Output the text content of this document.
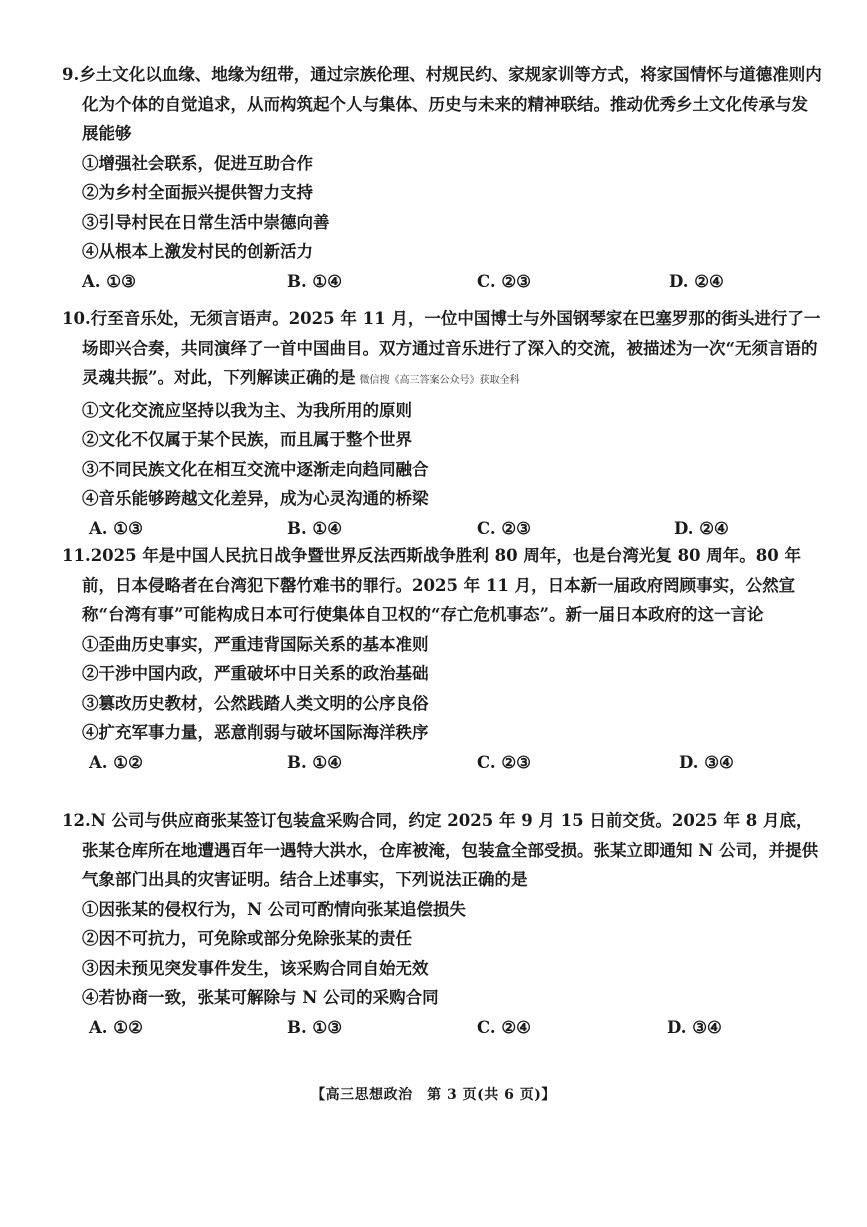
9.乡土文化以血缘、地缘为纽带，通过宗族伦理、村规民约、家规家训等方式，将家国情怀与道德准则内化为个体的自觉追求，从而构筑起个人与集体、历史与未来的精神联结。推动优秀乡土文化传承与发展能够
①增强社会联系，促进互助合作
②为乡村全面振兴提供智力支持
③引导村民在日常生活中崇德向善
④从根本上激发村民的创新活力
A. ①③	B. ①④	C. ②③	D. ②④
10.行至音乐处，无须言语声。2025 年 11 月，一位中国博士与外国钢琴家在巴塞罗那的街头进行了一场即兴合奏，共同演绎了一首中国曲目。双方通过音乐进行了深入的交流，被描述为一次“无须言语的灵魂共振”。对此，下列解读正确的是 微信搜《高三答案公众号》获取全科
①文化交流应坚持以我为主、为我所用的原则
②文化不仅属于某个民族，而且属于整个世界
③不同民族文化在相互交流中逐渐走向趋同融合
④音乐能够跨越文化差异，成为心灵沟通的桥梁
A. ①③	B. ①④	C. ②③	D. ②④
11.2025 年是中国人民抗日战争暨世界反法西斯战争胜利 80 周年，也是台湾光复 80 周年。80 年前，日本侵略者在台湾犯下罄竹难书的罪行。2025 年 11 月，日本新一届政府罔顾事实，公然宣称“台湾有事”可能构成日本可行使集体自卫权的“存亡危机事态”。新一届日本政府的这一言论
①歪曲历史事实，严重违背国际关系的基本准则
②干涉中国内政，严重破坏中日关系的政治基础
③篡改历史教材，公然践踏人类文明的公序良俗
④扩充军事力量，恶意削弱与破坏国际海洋秩序
A. ①②	B. ①④	C. ②③	D. ③④
12.N 公司与供应商张某签订包装盒采购合同，约定 2025 年 9 月 15 日前交货。2025 年 8 月底，张某仓库所在地遭遇百年一遇特大洪水，仓库被淹，包装盒全部受损。张某立即通知 N 公司，并提供气象部门出具的灾害证明。结合上述事实，下列说法正确的是
①因张某的侵权行为，N 公司可酌情向张某追偿损失
②因不可抗力，可免除或部分免除张某的责任
③因未预见突发事件发生，该采购合同自始无效
④若协商一致，张某可解除与 N 公司的采购合同
A. ①②	B. ①③	C. ②④	D. ③④
【高三思想政治　第 3 页(共 6 页)】
